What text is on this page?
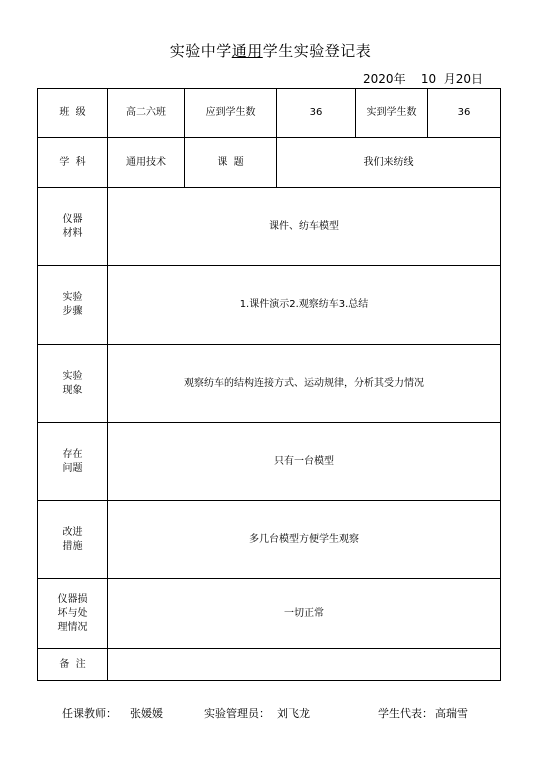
实验中学通用学生实验登记表
2020年    10  月20日
班  级	高二六班	应到学生数	36	实到学生数	36
学  科	通用技术	课  题	我们来纺线		
仪器
材料	课件、纺车模型				
实验
步骤	1.课件演示2.观察纺车3.总结				
实验
现象	观察纺车的结构连接方式、运动规律，分析其受力情况				
存在
问题	只有一台模型				
改进
措施	多几台模型方便学生观察				
仪器损
坏与处
理情况	一切正常				
备  注					
任课教师： 张媛媛	实验管理员： 刘飞龙	学生代表： 高瑞雪
